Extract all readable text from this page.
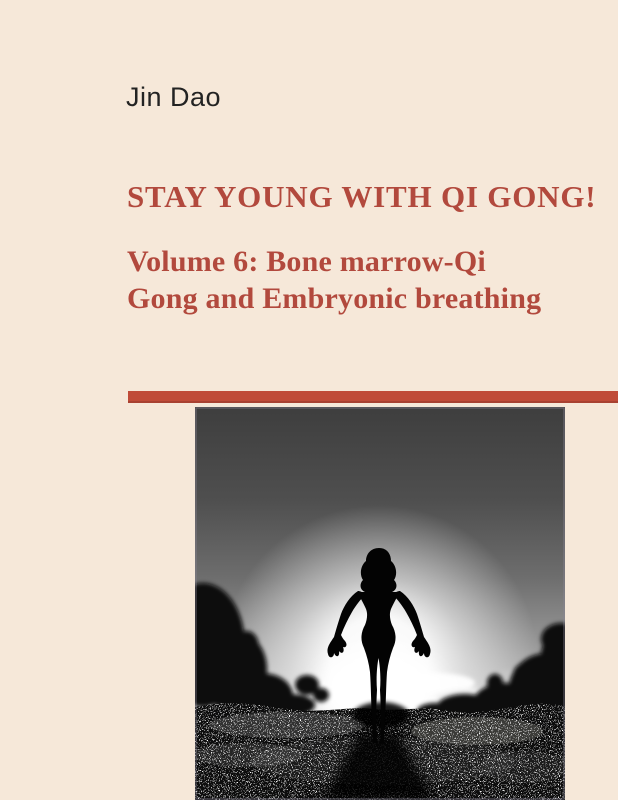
Jin Dao
STAY YOUNG WITH QI GONG!
Volume 6: Bone marrow-Qi
Gong and Embryonic breathing
